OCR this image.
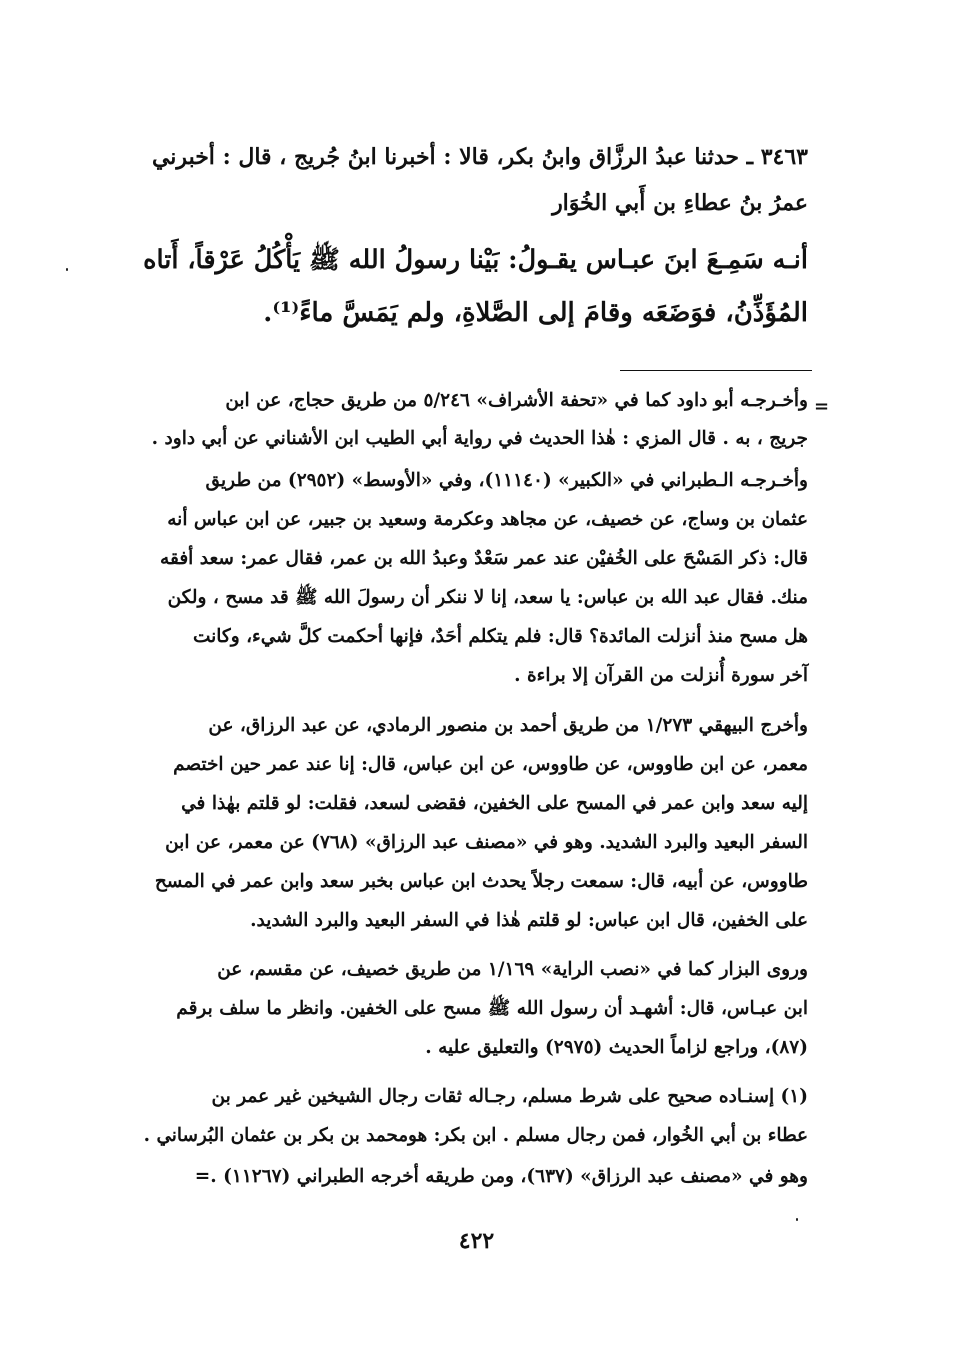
٣٤٦٣ ـ حدثنا عبدُ الرزَّاق وابنُ بكر، قالا : أخبرنا ابنُ جُريج ، قال : أخبرني
عمرُ بنُ عطاءِ بن أَبي الخُوَار
أنـه سَمِـعَ ابنَ عبـاس يقـولُ: بَيْنا رسولُ الله ﷺ يَأْكُلُ عَرْقاً، أَتاه
المُؤَذِّنُ، فوَضَعَه وقامَ إلى الصَّلاةِ، ولم يَمَسَّ ماءً⁽¹⁾.
=
وأخـرجـه أبو داود كما في «تحفة الأشراف» ٥/٢٤٦ من طريق حجاج، عن ابن
جريج ، به . قال المزي : هٰذا الحديث في رواية أبي الطيب ابن الأشناني عن أبي داود .
وأخـرجـه الـطبراني في «الكبير» (١١١٤٠)، وفي «الأوسط» (٢٩٥٢) من طريق
عثمان بن وساج، عن خصيف، عن مجاهد وعكرمة وسعيد بن جبير، عن ابن عباس أنه
قال: ذكر المَسْحَ على الخُفيْن عند عمر سَعْدٌ وعبدُ الله بن عمر، فقال عمر: سعد أفقه
منك. فقال عبد الله بن عباس: يا سعد، إنا لا ننكر أن رسولَ الله ﷺ قد مسح ، ولكن
هل مسح منذ أنزلت المائدة؟ قال: فلم يتكلم أحَدٌ، فإنها أحكمت كلَّ شيء، وكانت
آخر سورة أُنزلت من القرآن إلا براءة .
وأخرج البيهقي ١/٢٧٣ من طريق أحمد بن منصور الرمادي، عن عبد الرزاق، عن
معمر، عن ابن طاووس، عن طاووس، عن ابن عباس، قال: إنا عند عمر حين اختصم
إليه سعد وابن عمر في المسح على الخفين، فقضى لسعد، فقلت: لو قلتم بهٰذا في
السفر البعيد والبرد الشديد. وهو في «مصنف عبد الرزاق» (٧٦٨) عن معمر، عن ابن
طاووس، عن أبيه، قال: سمعت رجلاً يحدث ابن عباس بخبر سعد وابن عمر في المسح
على الخفين، قال ابن عباس: لو قلتم هٰذا في السفر البعيد والبرد الشديد.
وروى البزار كما في «نصب الراية» ١/١٦٩ من طريق خصيف، عن مقسم، عن
ابن عبـاس، قال: أشهـد أن رسول الله ﷺ مسح على الخفين. وانظر ما سلف برقم
(٨٧)، وراجع لزاماً الحديث (٢٩٧٥) والتعليق عليه .
(١) إسنـاده صحيح على شرط مسلم، رجـاله ثقات رجال الشيخين غير عمر بن
عطاء بن أبي الخُوار، فمن رجال مسلم . ابن بكر: هومحمد بن بكر بن عثمان البُرساني .
وهو في «مصنف عبد الرزاق» (٦٣٧)، ومن طريقه أخرجه الطبراني (١١٢٦٧) .=
٤٢٢
